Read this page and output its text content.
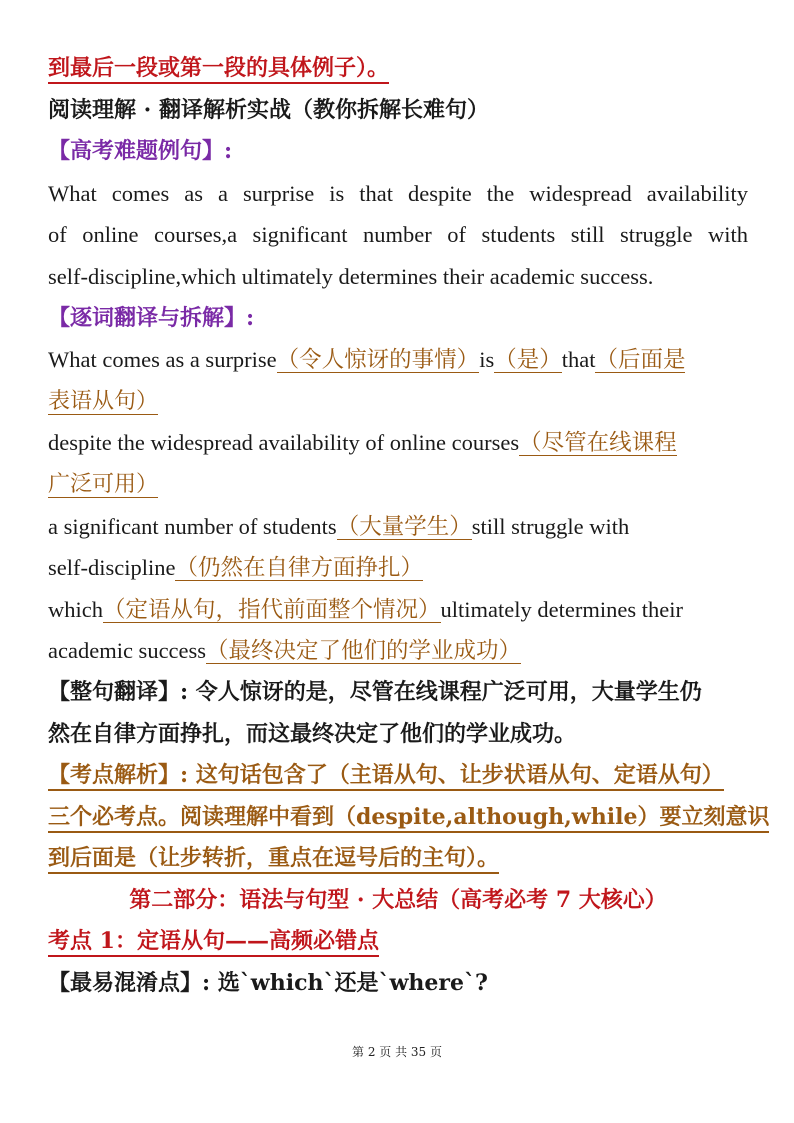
到最后一段或第一段的具体例子）。
阅读理解 · 翻译解析实战（教你拆解长难句）
【高考难题例句】:
What comes as a surprise is that despite the widespread availability
of online courses,a significant number of students still struggle with
self-discipline,which ultimately determines their academic success.
【逐词翻译与拆解】:
What comes as a surprise（令人惊讶的事情）is（是）that（后面是
表语从句）
despite the widespread availability of online courses（尽管在线课程
广泛可用）
a significant number of students（大量学生）still struggle with
self-discipline（仍然在自律方面挣扎）
which（定语从句，指代前面整个情况）ultimately determines their
academic success（最终决定了他们的学业成功）
【整句翻译】: 令人惊讶的是，尽管在线课程广泛可用，大量学生仍
然在自律方面挣扎，而这最终决定了他们的学业成功。
【考点解析】: 这句话包含了（主语从句、让步状语从句、定语从句）
三个必考点。阅读理解中看到（despite,although,while）要立刻意识
到后面是（让步转折，重点在逗号后的主句）。
第二部分：语法与句型 · 大总结（高考必考 7 大核心）
考点 1：定语从句——高频必错点
【最易混淆点】: 选`which`还是`where`?
第 2 页 共 35 页
